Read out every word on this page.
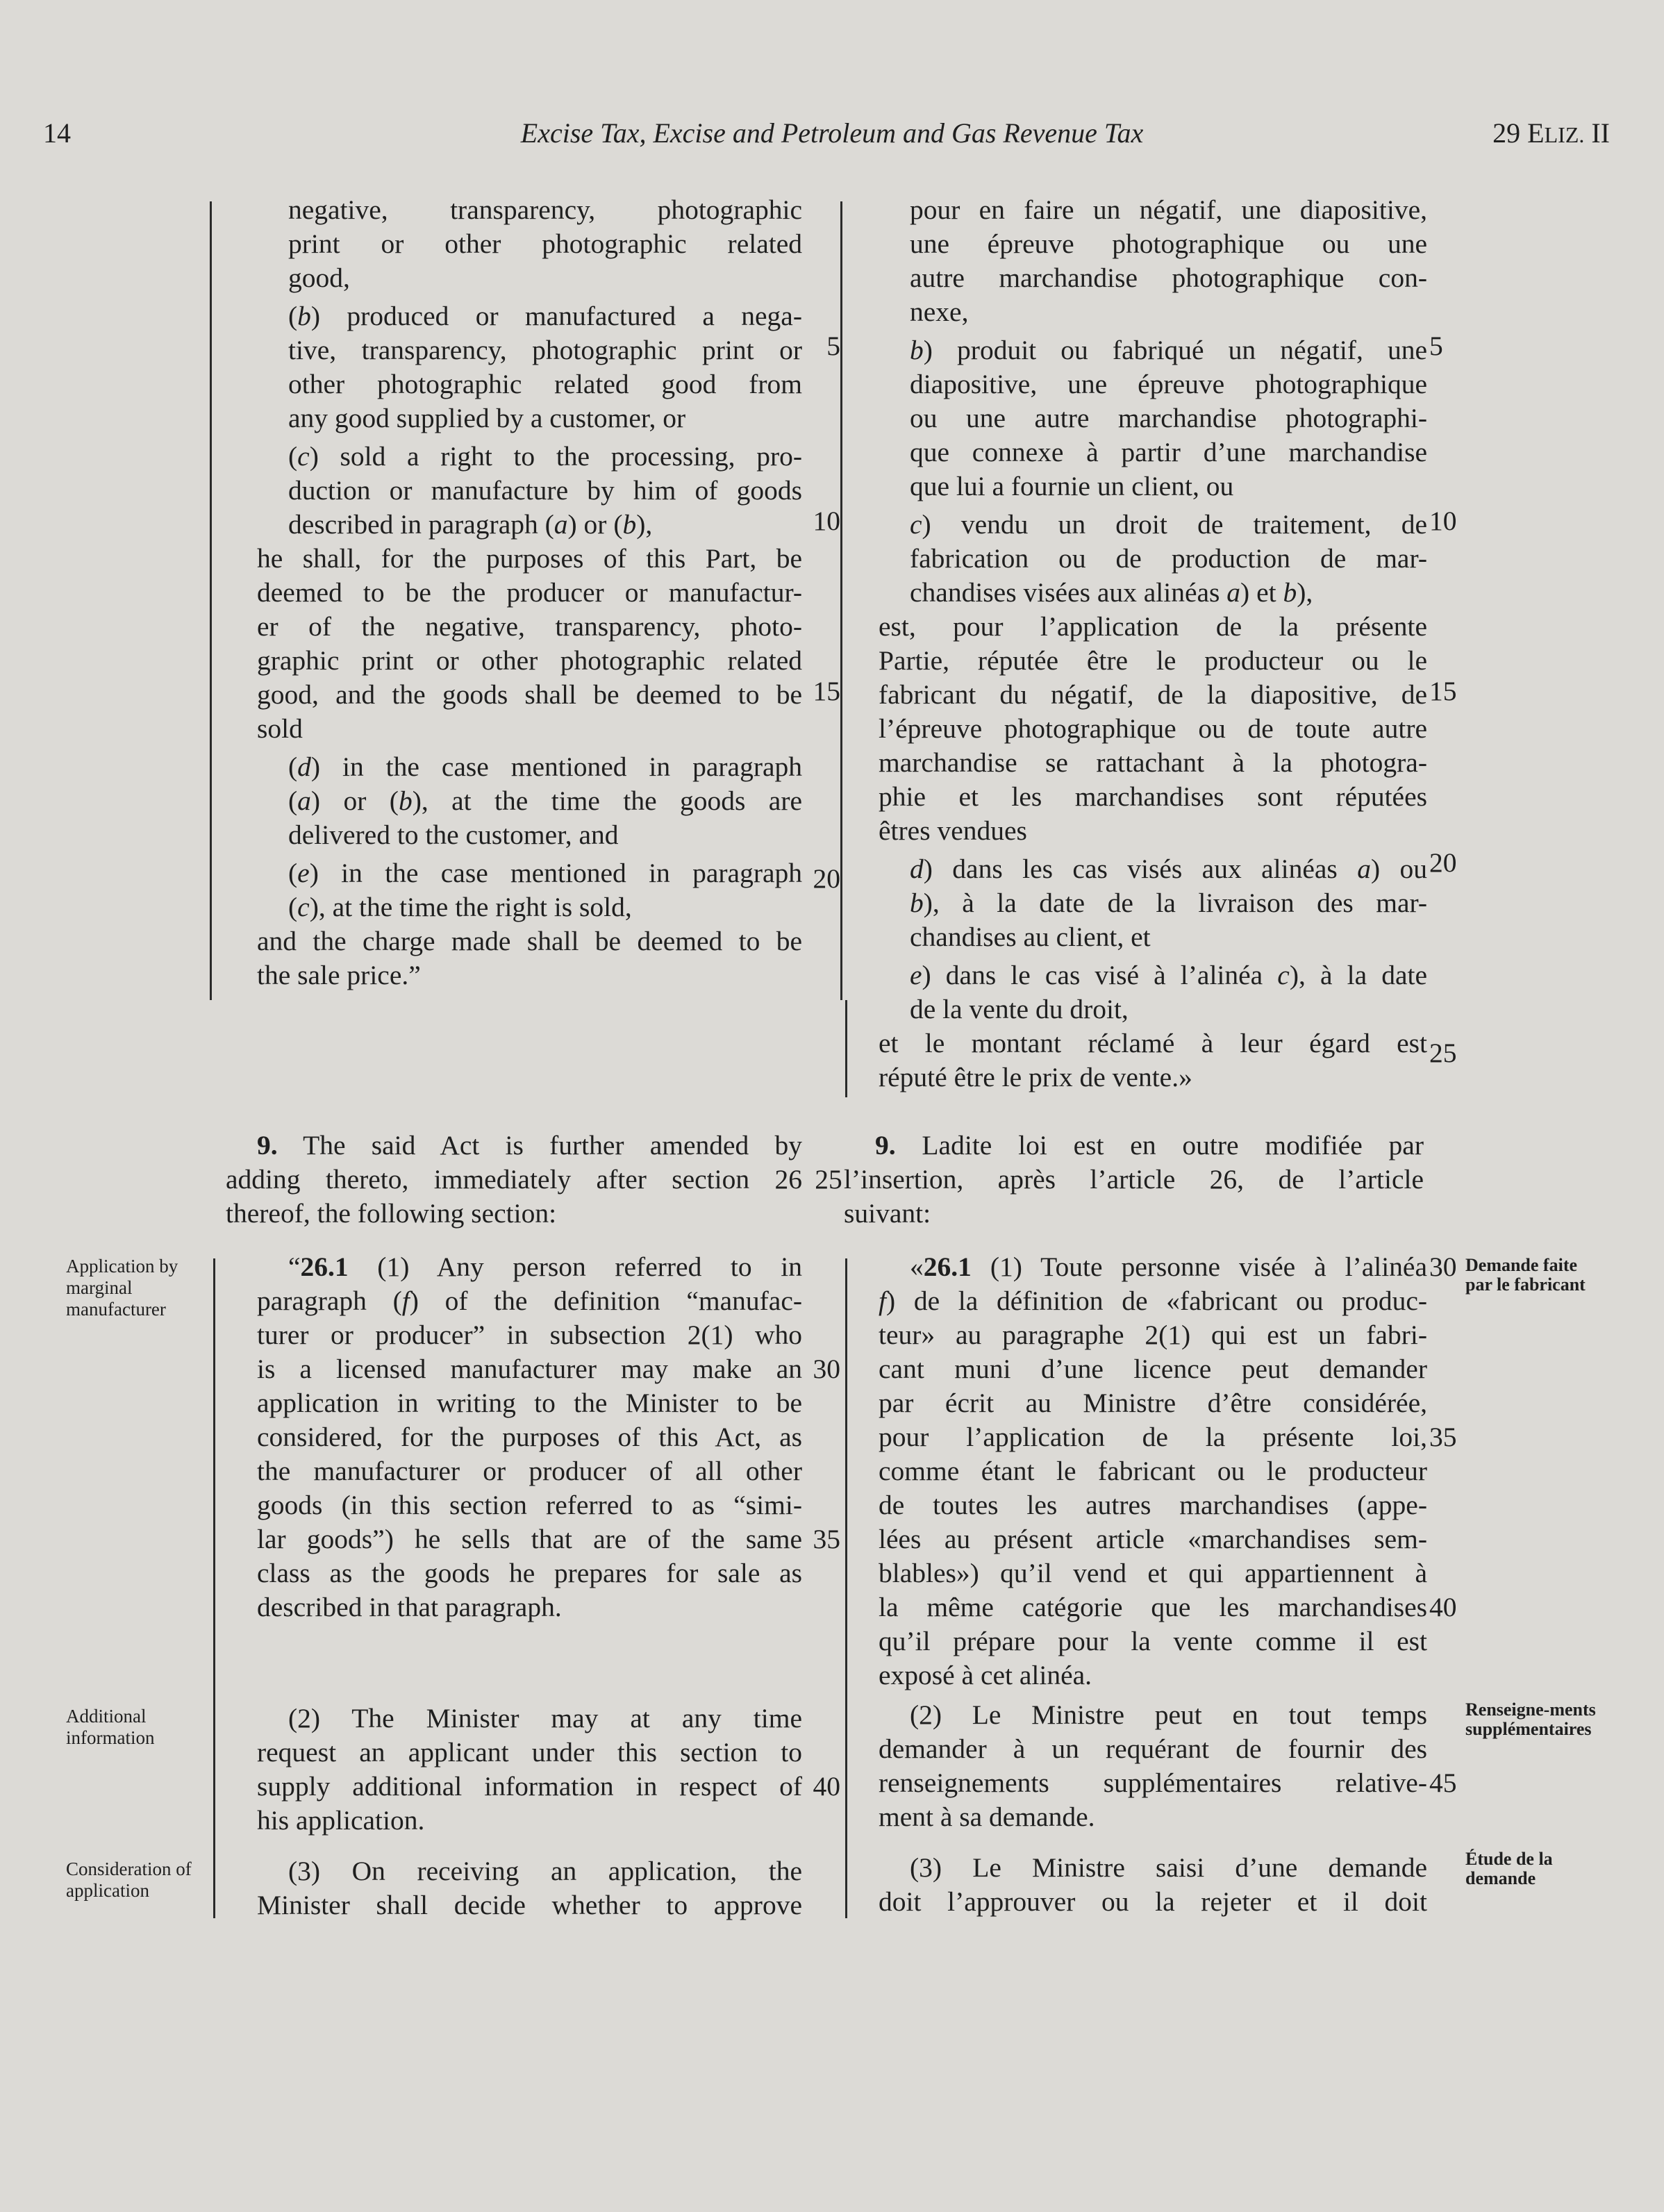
14	Excise Tax, Excise and Petroleum and Gas Revenue Tax	29 ELIZ. II

negative, transparency, photographic

print or other photographic related

good,

(b) produced or manufactured a nega-

tive, transparency, photographic print or

other photographic related good from

any good supplied by a customer, or

(c) sold a right to the processing, pro-

duction or manufacture by him of goods

described in paragraph (a) or (b),

he shall, for the purposes of this Part, be

deemed to be the producer or manufactur-

er of the negative, transparency, photo-

graphic print or other photographic related

good, and the goods shall be deemed to be

sold

(d) in the case mentioned in paragraph

(a) or (b), at the time the goods are

delivered to the customer, and

(e) in the case mentioned in paragraph

(c), at the time the right is sold,

and the charge made shall be deemed to be

the sale price.”

pour en faire un négatif, une diapositive,

une épreuve photographique ou une

autre marchandise photographique con-

nexe,

b) produit ou fabriqué un négatif, une

diapositive, une épreuve photographique

ou une autre marchandise photographi-

que connexe à partir d’une marchandise

que lui a fournie un client, ou

c) vendu un droit de traitement, de

fabrication ou de production de mar-

chandises visées aux alinéas a) et b),

est, pour l’application de la présente

Partie, réputée être le producteur ou le

fabricant du négatif, de la diapositive, de

l’épreuve photographique ou de toute autre

marchandise se rattachant à la photogra-

phie et les marchandises sont réputées

êtres vendues

d) dans les cas visés aux alinéas a) ou

b), à la date de la livraison des mar-

chandises au client, et

e) dans le cas visé à l’alinéa c), à la date

de la vente du droit,

et le montant réclamé à leur égard est

réputé être le prix de vente.»

9. The said Act is further amended by

adding thereto, immediately after section 26

thereof, the following section:

9. Ladite loi est en outre modifiée par

l’insertion, après l’article 26, de l’article

suivant:

“26.1 (1) Any person referred to in

paragraph (f) of the definition “manufac-

turer or producer” in subsection 2(1) who

is a licensed manufacturer may make an

application in writing to the Minister to be

considered, for the purposes of this Act, as

the manufacturer or producer of all other

goods (in this section referred to as “simi-

lar goods”) he sells that are of the same

class as the goods he prepares for sale as

described in that paragraph.

«26.1 (1) Toute personne visée à l’alinéa

f) de la définition de «fabricant ou produc-

teur» au paragraphe 2(1) qui est un fabri-

cant muni d’une licence peut demander

par écrit au Ministre d’être considérée,

pour l’application de la présente loi,

comme étant le fabricant ou le producteur

de toutes les autres marchandises (appe-

lées au présent article «marchandises sem-

blables») qu’il vend et qui appartiennent à

la même catégorie que les marchandises

qu’il prépare pour la vente comme il est

exposé à cet alinéa.

(2) The Minister may at any time

request an applicant under this section to

supply additional information in respect of

his application.

(2) Le Ministre peut en tout temps

demander à un requérant de fournir des

renseignements supplémentaires relative-

ment à sa demande.

(3) On receiving an application, the

Minister shall decide whether to approve

(3) Le Ministre saisi d’une demande

doit l’approuver ou la rejeter et il doit

5
10
15
20
25
30
35
40
5
10
15
20
25
30
35
40
45
Application by marginal manufacturer
Additional information
Consideration of application
Demande faite par le fabricant
Renseigne-ments supplémentaires
Étude de la demande
